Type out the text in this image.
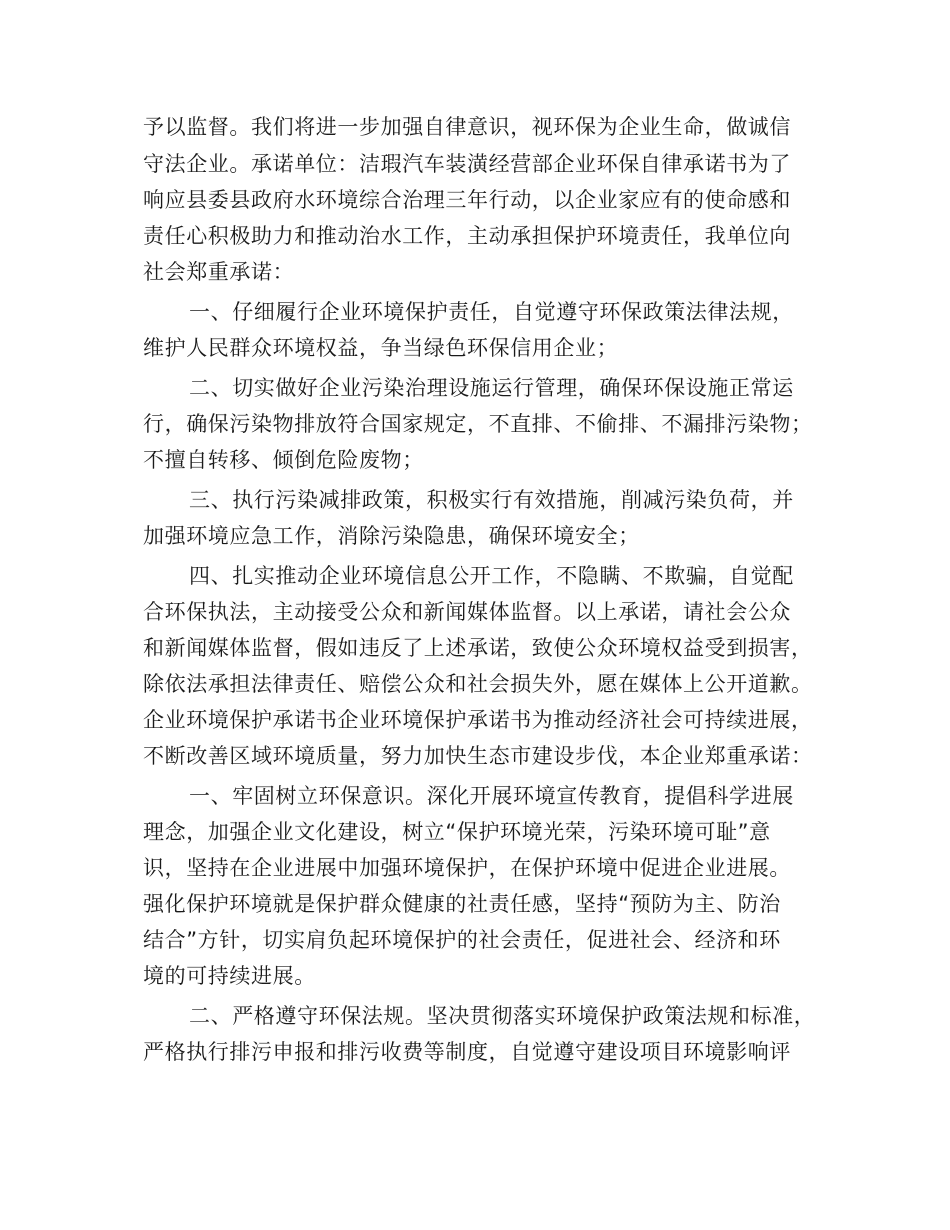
予以监督。我们将进一步加强自律意识，视环保为企业生命，做诚信
守法企业。承诺单位：洁瑕汽车装潢经营部企业环保自律承诺书为了
响应县委县政府水环境综合治理三年行动，以企业家应有的使命感和
责任心积极助力和推动治水工作，主动承担保护环境责任，我单位向
社会郑重承诺：
一、仔细履行企业环境保护责任，自觉遵守环保政策法律法规，
维护人民群众环境权益，争当绿色环保信用企业；
二、切实做好企业污染治理设施运行管理，确保环保设施正常运
行，确保污染物排放符合国家规定，不直排、不偷排、不漏排污染物；
不擅自转移、倾倒危险废物；
三、执行污染减排政策，积极实行有效措施，削减污染负荷，并
加强环境应急工作，消除污染隐患，确保环境安全；
四、扎实推动企业环境信息公开工作，不隐瞒、不欺骗，自觉配
合环保执法，主动接受公众和新闻媒体监督。以上承诺，请社会公众
和新闻媒体监督，假如违反了上述承诺，致使公众环境权益受到损害，
除依法承担法律责任、赔偿公众和社会损失外，愿在媒体上公开道歉。
企业环境保护承诺书企业环境保护承诺书为推动经济社会可持续进展，
不断改善区域环境质量，努力加快生态市建设步伐，本企业郑重承诺：
一、牢固树立环保意识。深化开展环境宣传教育，提倡科学进展
理念，加强企业文化建设，树立“保护环境光荣，污染环境可耻”意
识，坚持在企业进展中加强环境保护，在保护环境中促进企业进展。
强化保护环境就是保护群众健康的社责任感，坚持“预防为主、防治
结合”方针，切实肩负起环境保护的社会责任，促进社会、经济和环
境的可持续进展。
二、严格遵守环保法规。坚决贯彻落实环境保护政策法规和标准，
严格执行排污申报和排污收费等制度，自觉遵守建设项目环境影响评
